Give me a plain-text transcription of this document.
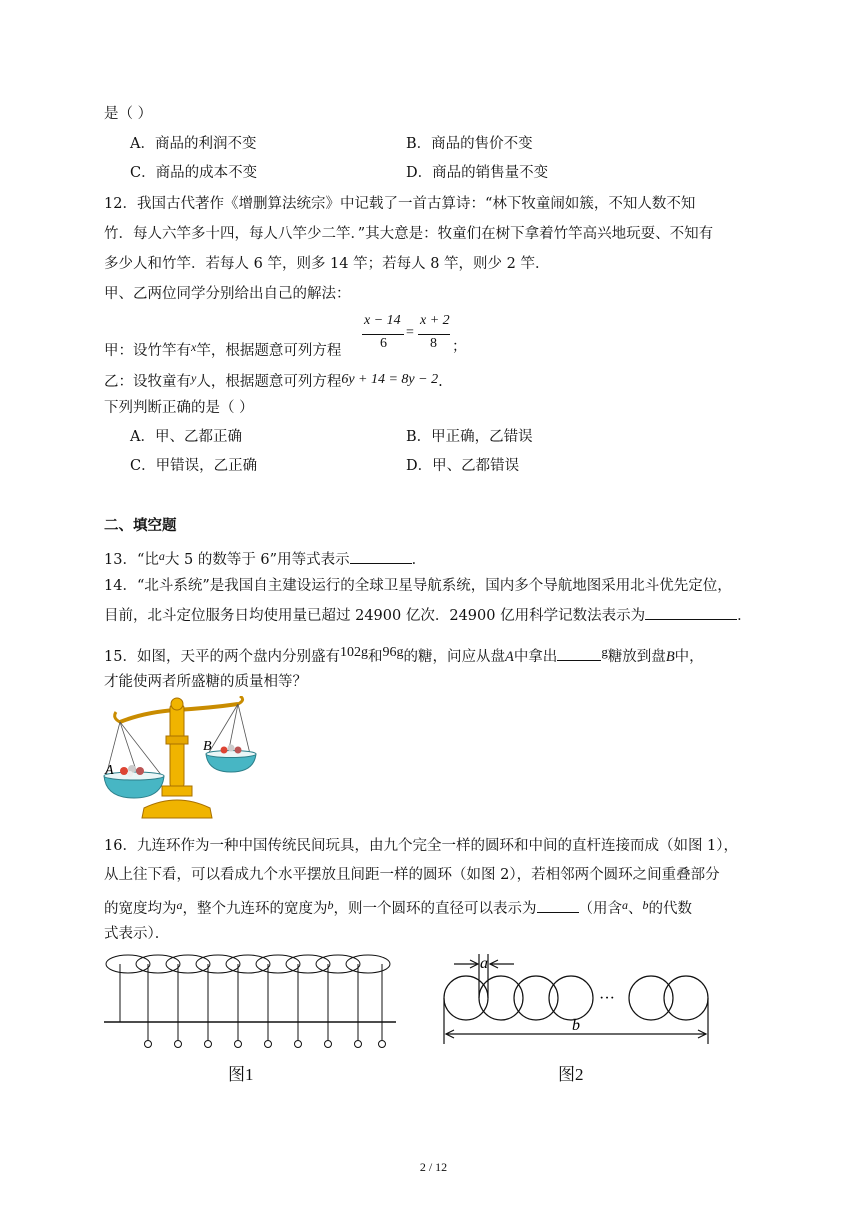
是（ ）
A．商品的利润不变	B．商品的售价不变
C．商品的成本不变	D．商品的销售量不变
12．我国古代著作《增删算法统宗》中记载了一首古算诗：“林下牧童闹如簇，不知人数不知
竹．每人六竿多十四，每人八竿少二竿．”其大意是：牧童们在树下拿着竹竿高兴地玩耍、不知有
多少人和竹竿．若每人 6 竿，则多 14 竿；若每人 8 竿，则少 2 竿．
甲、乙两位同学分别给出自己的解法：
甲：设竹竿有$^x$竿，根据题意可列方程
x − 14
6
=
x + 2
8 ；
乙：设牧童有$^y$人，根据题意可列方程6y + 14 = 8y − 2.
下列判断正确的是（ ）
A．甲、乙都正确	B．甲正确，乙错误
C．甲错误，乙正确	D．甲、乙都错误
二、填空题
13．“比$^a$大 5 的数等于 6”用等式表示	．
14．“北斗系统”是我国自主建设运行的全球卫星导航系统，国内多个导航地图采用北斗优先定位，
目前，北斗定位服务日均使用量已超过 24900 亿次．24900 亿用科学记数法表示为	．
15．如图，天平的两个盘内分别盛有102g和96g的糖，问应从盘A中拿出	g糖放到盘B中，
才能使两者所盛糖的质量相等？
A
B
16．九连环作为一种中国传统民间玩具，由九个完全一样的圆环和中间的直杆连接而成（如图 1），
从上往下看，可以看成九个水平摆放且间距一样的圆环（如图 2），若相邻两个圆环之间重叠部分
的宽度均为$^a$，整个九连环的宽度为$^b$，则一个圆环的直径可以表示为	（用含$^a$、$^b$的代数
式表示）．
图1
···
a
b
图2
2 / 12
